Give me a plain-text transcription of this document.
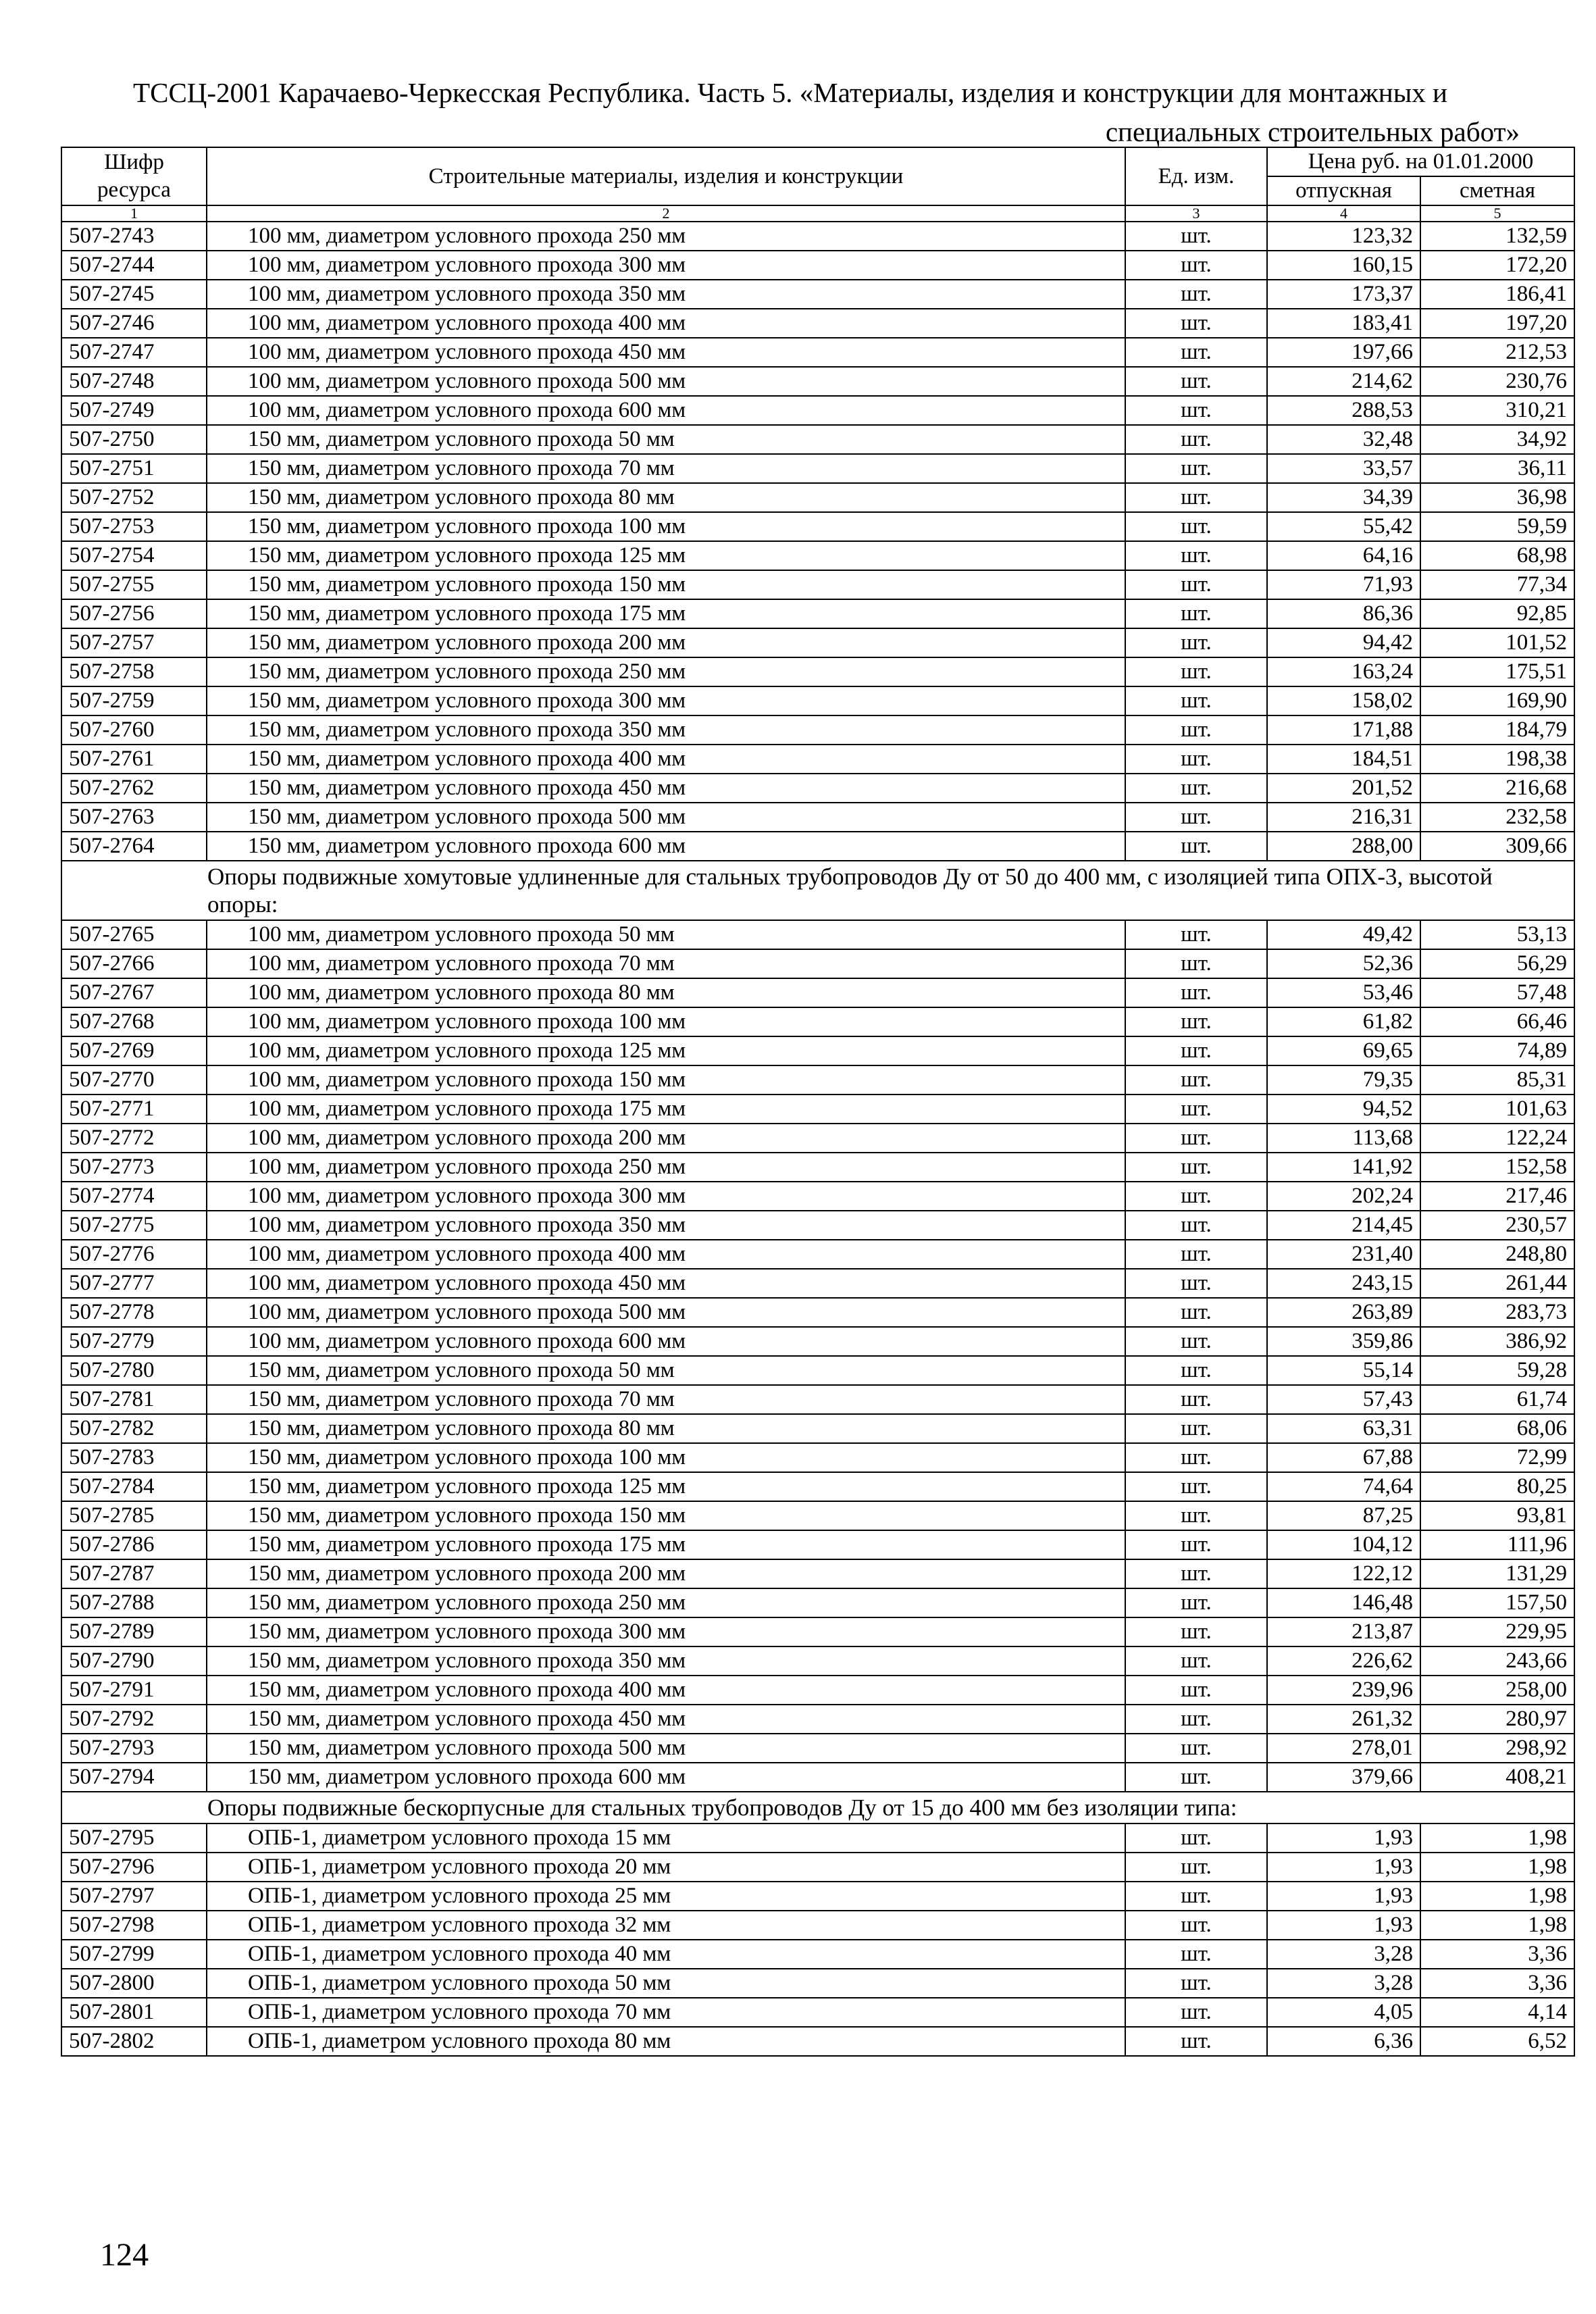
ТССЦ-2001 Карачаево-Черкесская Республика. Часть 5. «Материалы, изделия и конструкции для монтажных и
специальных строительных работ»
Шифр ресурса	Строительные материалы, изделия и конструкции	Ед. изм.	Цена руб. на 01.01.2000	
			отпускная	сметная
1	2	3	4	5
507-2743	100 мм, диаметром условного прохода 250 мм	шт.	123,32	132,59
507-2744	100 мм, диаметром условного прохода 300 мм	шт.	160,15	172,20
507-2745	100 мм, диаметром условного прохода 350 мм	шт.	173,37	186,41
507-2746	100 мм, диаметром условного прохода 400 мм	шт.	183,41	197,20
507-2747	100 мм, диаметром условного прохода 450 мм	шт.	197,66	212,53
507-2748	100 мм, диаметром условного прохода 500 мм	шт.	214,62	230,76
507-2749	100 мм, диаметром условного прохода 600 мм	шт.	288,53	310,21
507-2750	150 мм, диаметром условного прохода 50 мм	шт.	32,48	34,92
507-2751	150 мм, диаметром условного прохода 70 мм	шт.	33,57	36,11
507-2752	150 мм, диаметром условного прохода 80 мм	шт.	34,39	36,98
507-2753	150 мм, диаметром условного прохода 100 мм	шт.	55,42	59,59
507-2754	150 мм, диаметром условного прохода 125 мм	шт.	64,16	68,98
507-2755	150 мм, диаметром условного прохода 150 мм	шт.	71,93	77,34
507-2756	150 мм, диаметром условного прохода 175 мм	шт.	86,36	92,85
507-2757	150 мм, диаметром условного прохода 200 мм	шт.	94,42	101,52
507-2758	150 мм, диаметром условного прохода 250 мм	шт.	163,24	175,51
507-2759	150 мм, диаметром условного прохода 300 мм	шт.	158,02	169,90
507-2760	150 мм, диаметром условного прохода 350 мм	шт.	171,88	184,79
507-2761	150 мм, диаметром условного прохода 400 мм	шт.	184,51	198,38
507-2762	150 мм, диаметром условного прохода 450 мм	шт.	201,52	216,68
507-2763	150 мм, диаметром условного прохода 500 мм	шт.	216,31	232,58
507-2764	150 мм, диаметром условного прохода 600 мм	шт.	288,00	309,66
Опоры подвижные хомутовые удлиненные для стальных трубопроводов Ду от 50 до 400 мм, с изоляцией типа ОПХ-3, высотой опоры:				
507-2765	100 мм, диаметром условного прохода 50 мм	шт.	49,42	53,13
507-2766	100 мм, диаметром условного прохода 70 мм	шт.	52,36	56,29
507-2767	100 мм, диаметром условного прохода 80 мм	шт.	53,46	57,48
507-2768	100 мм, диаметром условного прохода 100 мм	шт.	61,82	66,46
507-2769	100 мм, диаметром условного прохода 125 мм	шт.	69,65	74,89
507-2770	100 мм, диаметром условного прохода 150 мм	шт.	79,35	85,31
507-2771	100 мм, диаметром условного прохода 175 мм	шт.	94,52	101,63
507-2772	100 мм, диаметром условного прохода 200 мм	шт.	113,68	122,24
507-2773	100 мм, диаметром условного прохода 250 мм	шт.	141,92	152,58
507-2774	100 мм, диаметром условного прохода 300 мм	шт.	202,24	217,46
507-2775	100 мм, диаметром условного прохода 350 мм	шт.	214,45	230,57
507-2776	100 мм, диаметром условного прохода 400 мм	шт.	231,40	248,80
507-2777	100 мм, диаметром условного прохода 450 мм	шт.	243,15	261,44
507-2778	100 мм, диаметром условного прохода 500 мм	шт.	263,89	283,73
507-2779	100 мм, диаметром условного прохода 600 мм	шт.	359,86	386,92
507-2780	150 мм, диаметром условного прохода 50 мм	шт.	55,14	59,28
507-2781	150 мм, диаметром условного прохода 70 мм	шт.	57,43	61,74
507-2782	150 мм, диаметром условного прохода 80 мм	шт.	63,31	68,06
507-2783	150 мм, диаметром условного прохода 100 мм	шт.	67,88	72,99
507-2784	150 мм, диаметром условного прохода 125 мм	шт.	74,64	80,25
507-2785	150 мм, диаметром условного прохода 150 мм	шт.	87,25	93,81
507-2786	150 мм, диаметром условного прохода 175 мм	шт.	104,12	111,96
507-2787	150 мм, диаметром условного прохода 200 мм	шт.	122,12	131,29
507-2788	150 мм, диаметром условного прохода 250 мм	шт.	146,48	157,50
507-2789	150 мм, диаметром условного прохода 300 мм	шт.	213,87	229,95
507-2790	150 мм, диаметром условного прохода 350 мм	шт.	226,62	243,66
507-2791	150 мм, диаметром условного прохода 400 мм	шт.	239,96	258,00
507-2792	150 мм, диаметром условного прохода 450 мм	шт.	261,32	280,97
507-2793	150 мм, диаметром условного прохода 500 мм	шт.	278,01	298,92
507-2794	150 мм, диаметром условного прохода 600 мм	шт.	379,66	408,21
Опоры подвижные бескорпусные для стальных трубопроводов Ду от 15 до 400 мм без изоляции типа:				
507-2795	ОПБ-1, диаметром условного прохода 15 мм	шт.	1,93	1,98
507-2796	ОПБ-1, диаметром условного прохода 20 мм	шт.	1,93	1,98
507-2797	ОПБ-1, диаметром условного прохода 25 мм	шт.	1,93	1,98
507-2798	ОПБ-1, диаметром условного прохода 32 мм	шт.	1,93	1,98
507-2799	ОПБ-1, диаметром условного прохода 40 мм	шт.	3,28	3,36
507-2800	ОПБ-1, диаметром условного прохода 50 мм	шт.	3,28	3,36
507-2801	ОПБ-1, диаметром условного прохода 70 мм	шт.	4,05	4,14
507-2802	ОПБ-1, диаметром условного прохода 80 мм	шт.	6,36	6,52
124
